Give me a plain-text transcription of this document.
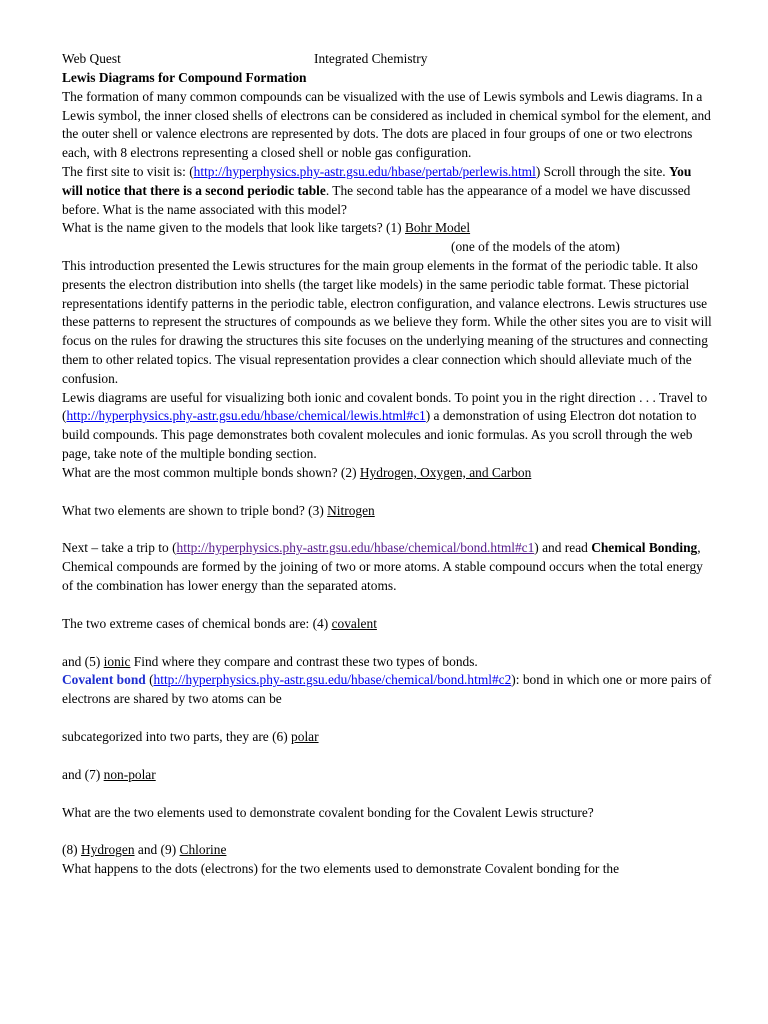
Web Quest	Integrated Chemistry

Lewis Diagrams for Compound Formation

The formation of many common compounds can be visualized with the use of Lewis symbols and Lewis diagrams. In a Lewis symbol, the inner closed shells of electrons can be considered as included in chemical symbol for the element, and the outer shell or valence electrons are represented by dots. The dots are placed in four groups of one or two electrons each, with 8 electrons representing a closed shell or noble gas configuration.

The first site to visit is: (http://hyperphysics.phy-astr.gsu.edu/hbase/pertab/perlewis.html) Scroll through the site. You will notice that there is a second periodic table. The second table has the appearance of a model we have discussed before. What is the name associated with this model?

What is the name given to the models that look like targets? (1) Bohr Model

(one of the models of the atom)

This introduction presented the Lewis structures for the main group elements in the format of the periodic table. It also presents the electron distribution into shells (the target like models) in the same periodic table format. These pictorial representations identify patterns in the periodic table, electron configuration, and valance electrons. Lewis structures use these patterns to represent the structures of compounds as we believe they form. While the other sites you are to visit will focus on the rules for drawing the structures this site focuses on the underlying meaning of the structures and connecting them to other related topics. The visual representation provides a clear connection which should alleviate much of the confusion.

Lewis diagrams are useful for visualizing both ionic and covalent bonds. To point you in the right direction . . . Travel to (http://hyperphysics.phy-astr.gsu.edu/hbase/chemical/lewis.html#c1) a demonstration of using Electron dot notation to build compounds. This page demonstrates both covalent molecules and ionic formulas. As you scroll through the web page, take note of the multiple bonding section.

What are the most common multiple bonds shown? (2) Hydrogen, Oxygen, and Carbon

What two elements are shown to triple bond? (3) Nitrogen

Next – take a trip to (http://hyperphysics.phy-astr.gsu.edu/hbase/chemical/bond.html#c1) and read Chemical Bonding, Chemical compounds are formed by the joining of two or more atoms. A stable compound occurs when the total energy of the combination has lower energy than the separated atoms.

The two extreme cases of chemical bonds are: (4) covalent

and (5) ionic Find where they compare and contrast these two types of bonds.

Covalent bond (http://hyperphysics.phy-astr.gsu.edu/hbase/chemical/bond.html#c2): bond in which one or more pairs of electrons are shared by two atoms can be

subcategorized into two parts, they are (6) polar

and (7) non-polar

What are the two elements used to demonstrate covalent bonding for the Covalent Lewis structure?

(8) Hydrogen and (9) Chlorine

What happens to the dots (electrons) for the two elements used to demonstrate Covalent bonding for the
